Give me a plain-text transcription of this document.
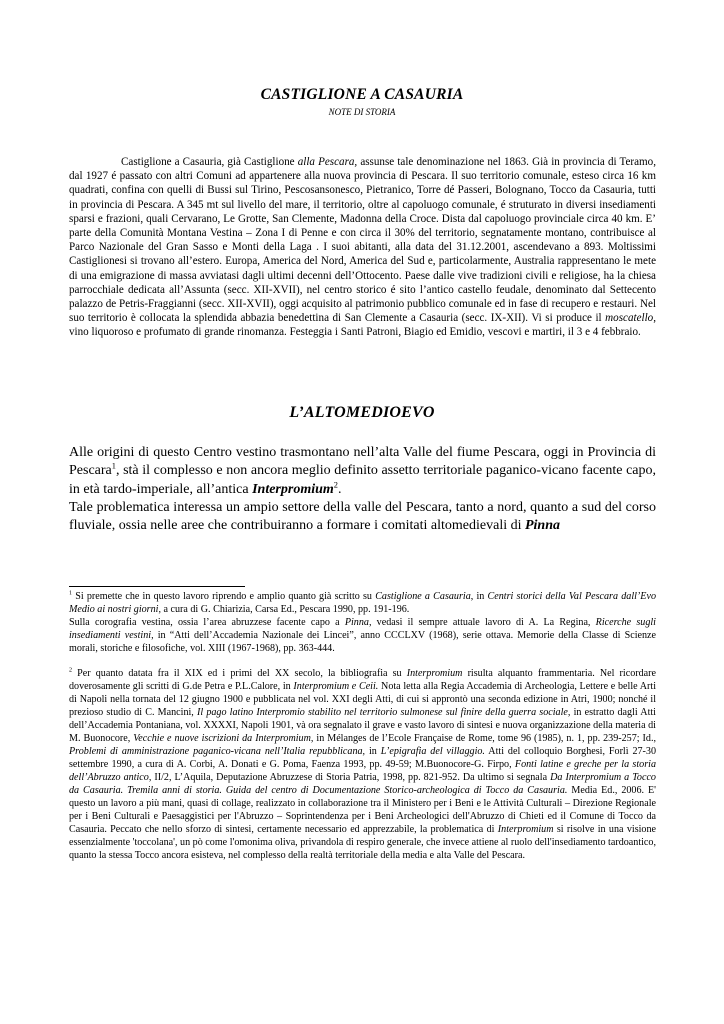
CASTIGLIONE A CASAURIA
NOTE DI STORIA
Castiglione a Casauria, già Castiglione alla Pescara, assunse tale denominazione nel 1863. Già in provincia di Teramo, dal 1927 é passato con altri Comuni ad appartenere alla nuova provincia di Pescara. Il suo territorio comunale, esteso circa 16 km quadrati, confina con quelli di Bussi sul Tirino, Pescosansonesco, Pietranico, Torre dé Passeri, Bolognano, Tocco da Casauria, tutti in provincia di Pescara. A 345 mt sul livello del mare, il territorio, oltre al capoluogo comunale, é struturato in diversi insediamenti sparsi e frazioni, quali Cervarano, Le Grotte, San Clemente, Madonna della Croce. Dista dal capoluogo provinciale circa 40 km. E’ parte della Comunità Montana Vestina – Zona I di Penne e con circa il 30% del territorio, segnatamente montano, contribuisce al Parco Nazionale del Gran Sasso e Monti della Laga . I suoi abitanti, alla data del 31.12.2001, ascendevano a 893. Moltissimi Castiglionesi si trovano all’estero. Europa, America del Nord, America del Sud e, particolarmente, Australia rappresentano le mete di una emigrazione di massa avviatasi dagli ultimi decenni dell’Ottocento. Paese dalle vive tradizioni civili e religiose, ha la chiesa parrocchiale dedicata all’Assunta (secc. XII-XVII), nel centro storico é sito l’antico castello feudale, denominato dal Settecento palazzo de Petris-Fraggianni (secc. XII-XVII), oggi acquisito al patrimonio pubblico comunale ed in fase di recupero e restauri. Nel suo territorio è collocata la splendida abbazia benedettina di San Clemente a Casauria (secc. IX-XII). Vi si produce il moscatello, vino liquoroso e profumato di grande rinomanza. Festeggia i Santi Patroni, Biagio ed Emidio, vescovi e martiri, il 3 e 4 febbraio.
L’ALTOMEDIOEVO

Alle origini di questo Centro vestino trasmontano nell’alta Valle del fiume Pescara, oggi in Provincia di Pescara$^1$, stà il complesso e non ancora meglio definito assetto territoriale paganico-vicano facente capo, in età tardo-imperiale, all’antica Interpromium$^2$.

Tale problematica interessa un ampio settore della valle del Pescara, tanto a nord, quanto a sud del corso fluviale, ossia nelle aree che contribuiranno a formare i comitati altomedievali di Pinna

$^1$ Si premette che in questo lavoro riprendo e amplio quanto già scritto su Castiglione a Casauria, in Centri storici della Val Pescara dall’Evo Medio ai nostri giorni, a cura di G. Chiarizia, Carsa Ed., Pescara 1990, pp. 191-196.

Sulla corografia vestina, ossia l’area abruzzese facente capo a Pinna, vedasi il sempre attuale lavoro di A. La Regina, Ricerche sugli insediamenti vestini, in “Atti dell’Accademia Nazionale dei Lincei”, anno CCCLXV (1968), serie ottava. Memorie della Classe di Scienze morali, storiche e filosofiche, vol. XIII (1967-1968), pp. 363-444.

$^2$ Per quanto datata fra il XIX ed i primi del XX secolo, la bibliografia su Interpromium risulta alquanto frammentaria. Nel ricordare doverosamente gli scritti di G.de Petra e P.L.Calore, in Interpromium e Ceii. Nota letta alla Regia Accademia di Archeologia, Lettere e belle Arti di Napoli nella tornata del 12 giugno 1900 e pubblicata nel vol. XXI degli Atti, di cui si approntò una seconda edizione in Atri, 1900; nonché il prezioso studio di C. Mancini, Il pago latino Interpromio stabilito nel territorio sulmonese sul finire della guerra sociale, in estratto dagli Atti dell’Accademia Pontaniana, vol. XXXXI, Napoli 1901, và ora segnalato il grave e vasto lavoro di sintesi e nuova organizzazione della materia di M. Buonocore, Vecchie e nuove iscrizioni da Interpromium, in Mélanges de l’Ecole Française de Rome, tome 96 (1985), n. 1, pp. 239-257; Id., Problemi di amministrazione paganico-vicana nell’Italia repubblicana, in L’epigrafia del villaggio. Atti del colloquio Borghesi, Forlì 27-30 settembre 1990, a cura di A. Corbi, A. Donati e G. Poma, Faenza 1993, pp. 49-59; M.Buonocore-G. Firpo, Fonti latine e greche per la storia dell’Abruzzo antico, II/2, L’Aquila, Deputazione Abruzzese di Storia Patria, 1998, pp. 821-952. Da ultimo si segnala Da Interpromium a Tocco da Casauria. Tremila anni di storia. Guida del centro di Documentazione Storico-archeologica di Tocco da Casauria. Media Ed., 2006. E' questo un lavoro a più mani, quasi di collage, realizzato in collaborazione tra il Ministero per i Beni e le Attività Culturali – Direzione Regionale per i Beni Culturali e Paesaggistici per l'Abruzzo – Soprintendenza per i Beni Archeologici dell'Abruzzo di Chieti ed il Comune di Tocco da Casauria. Peccato che nello sforzo di sintesi, certamente necessario ed apprezzabile, la problematica di Interpromium si risolve in una visione essenzialmente 'toccolana', un pò come l'omonima oliva, privandola di respiro generale, che invece attiene al ruolo dell'insediamento tardoantico, quanto la stessa Tocco ancora esisteva, nel complesso della realtà territoriale della media e alta Valle del Pescara.
